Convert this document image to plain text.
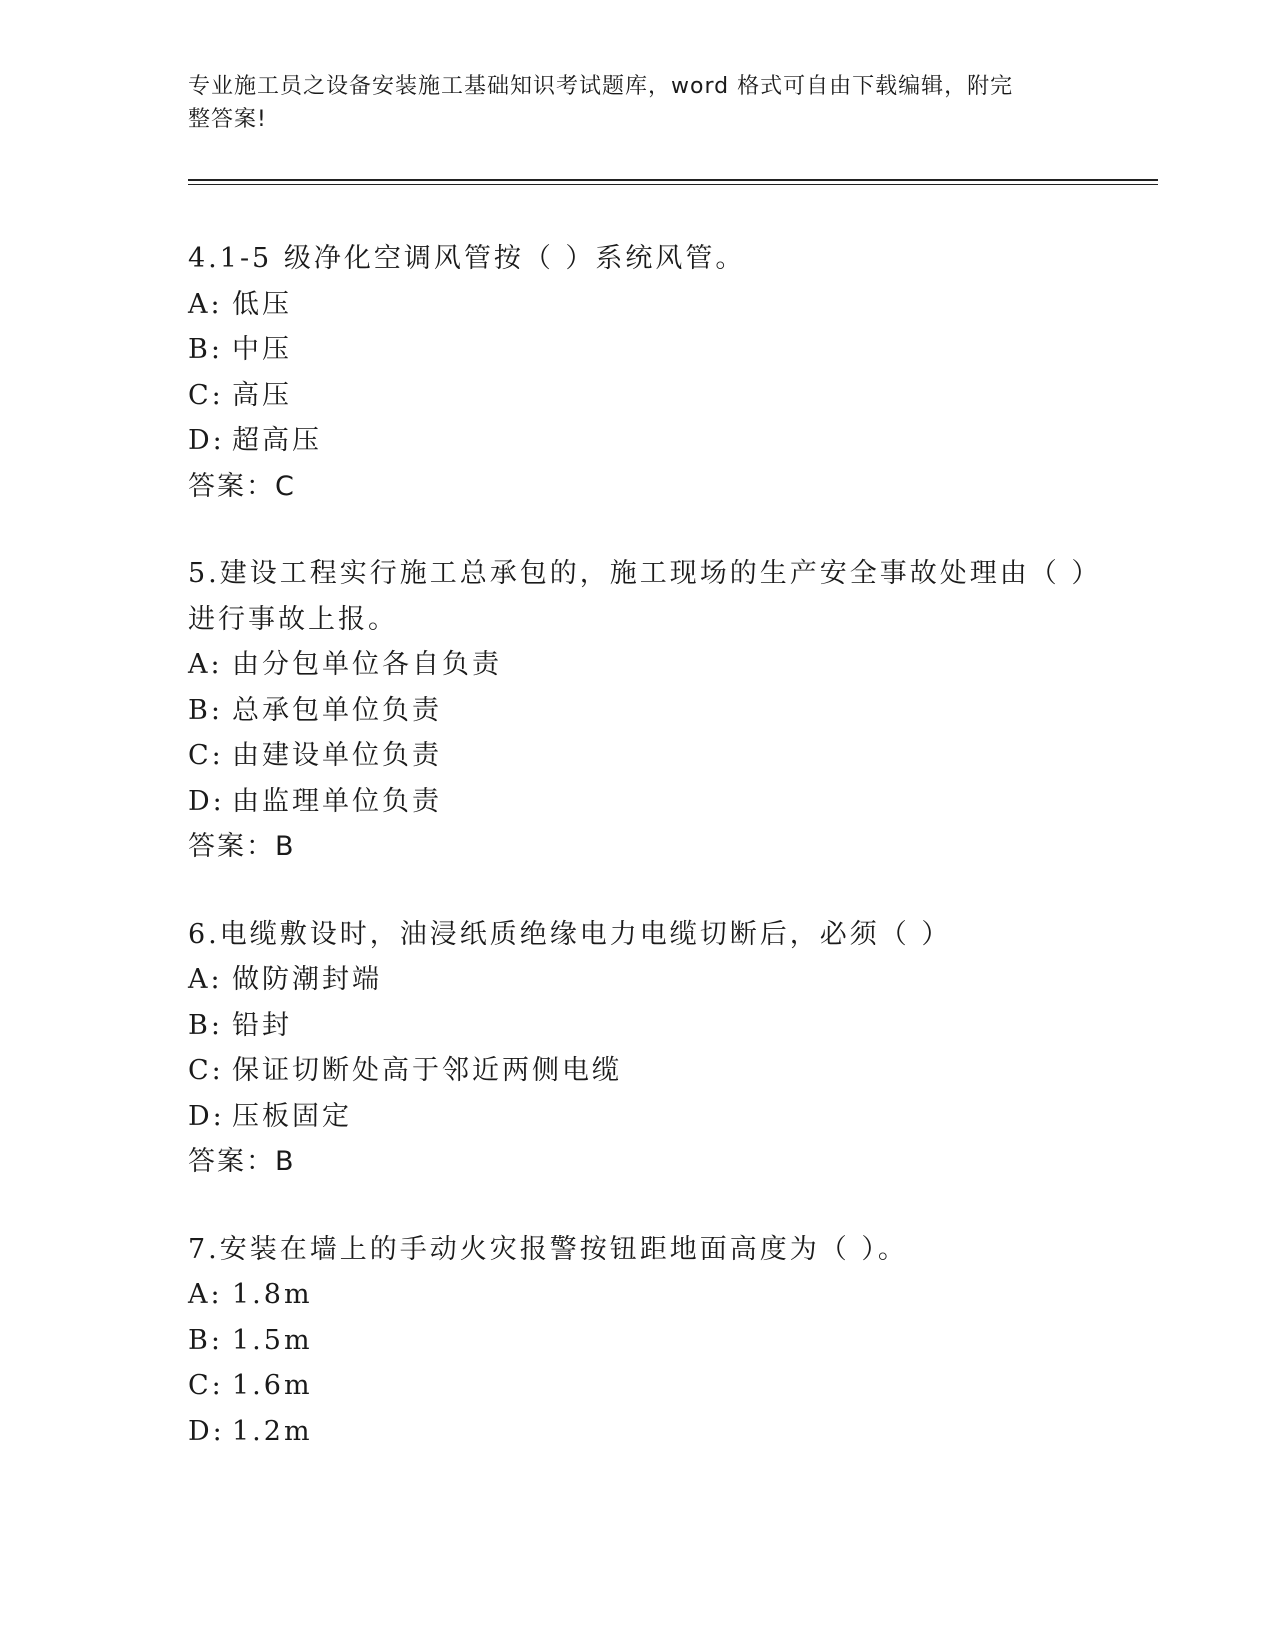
专业施工员之设备安装施工基础知识考试题库，word 格式可自由下载编辑，附完
整答案!

4.1-5 级净化空调风管按（ ）系统风管。

A: 低压
B: 中压
C: 高压
D: 超高压
答案：C

5.建设工程实行施工总承包的，施工现场的生产安全事故处理由（ ）

进行事故上报。

A: 由分包单位各自负责
B: 总承包单位负责
C: 由建设单位负责
D: 由监理单位负责
答案：B

6.电缆敷设时，油浸纸质绝缘电力电缆切断后，必须（ ）

A: 做防潮封端
B: 铅封
C: 保证切断处高于邻近两侧电缆
D: 压板固定
答案：B

7.安装在墙上的手动火灾报警按钮距地面高度为（ ）。

A: 1.8m
B: 1.5m
C: 1.6m
D: 1.2m
